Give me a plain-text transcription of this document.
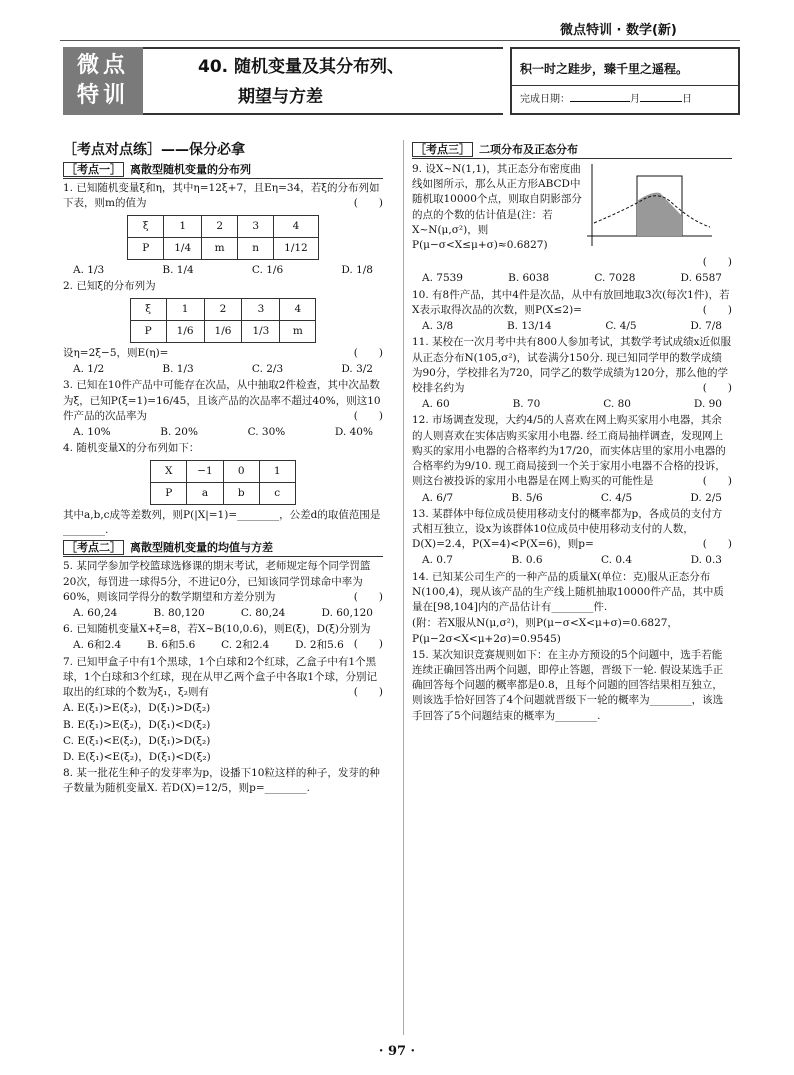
微点特训 · 数学(新)
微点
特训
40. 随机变量及其分布列、
期望与方差
积一时之跬步，臻千里之遥程。
完成日期：	月	日
［考点对点练］——保分必拿
［考点一］ 离散型随机变量的分布列
1. 已知随机变量ξ和η，其中η=12ξ+7，且Eη=34，若ξ的分布列如下表，则m的值为	(　　)
ξ	1	2	3	4
P	1/4	m	n	1/12
A. 1/3	B. 1/4	C. 1/6	D. 1/8
2. 已知ξ的分布列为
ξ	1	2	3	4
P	1/6	1/6	1/3	m
设η=2ξ−5，则E(η)=	(　　)
A. 1/2	B. 1/3	C. 2/3	D. 3/2
3. 已知在10件产品中可能存在次品，从中抽取2件检查，其中次品数为ξ，已知P(ξ=1)=16/45，且该产品的次品率不超过40%，则这10件产品的次品率为	(　　)
A. 10%	B. 20%	C. 30%	D. 40%
4. 随机变量X的分布列如下：
X	−1	0	1
P	a	b	c
其中a,b,c成等差数列，则P(|X|=1)=________，公差d的取值范围是________.
［考点二］ 离散型随机变量的均值与方差
5. 某同学参加学校篮球选修课的期末考试，老师规定每个同学罚篮20次，每罚进一球得5分，不进记0分，已知该同学罚球命中率为60%，则该同学得分的数学期望和方差分别为	(　　)
A. 60,24	B. 80,120	C. 80,24	D. 60,120
6. 已知随机变量X+ξ=8，若X~B(10,0.6)，则E(ξ)，D(ξ)分别为
(　　)
A. 6和2.4 B. 6和5.6 C. 2和2.4 D. 2和5.6
7. 已知甲盒子中有1个黑球，1个白球和2个红球，乙盒子中有1个黑球，1个白球和3个红球，现在从甲乙两个盒子中各取1个球，分别记取出的红球的个数为ξ₁，ξ₂则有	(　　)
A. E(ξ₁)>E(ξ₂)，D(ξ₁)>D(ξ₂)
B. E(ξ₁)>E(ξ₂)，D(ξ₁)<D(ξ₂)
C. E(ξ₁)<E(ξ₂)，D(ξ₁)>D(ξ₂)
D. E(ξ₁)<E(ξ₂)，D(ξ₁)<D(ξ₂)
8. 某一批花生种子的发芽率为p，设播下10粒这样的种子，发芽的种子数量为随机变量X. 若D(X)=12/5，则p=________.
［考点三］ 二项分布及正态分布
9. 设X~N(1,1)，其正态分布密度曲线如图所示，那么从正方形ABCD中随机取10000个点，则取自阴影部分的点的个数的估计值是(注：若X~N(μ,σ²)，则P(μ−σ<X≤μ+σ)≈0.6827)
(　　)

A. 7539	B. 6038	C. 7028	D. 6587
10. 有8件产品，其中4件是次品，从中有放回地取3次(每次1件)，若X表示取得次品的次数，则P(X≤2)=	(　　)
A. 3/8	B. 13/14	C. 4/5	D. 7/8
11. 某校在一次月考中共有800人参加考试，其数学考试成绩x近似服从正态分布N(105,σ²)，试卷满分150分. 现已知同学甲的数学成绩为90分，学校排名为720，同学乙的数学成绩为120分，那么他的学校排名约为	(　　)
A. 60	B. 70	C. 80	D. 90
12. 市场调查发现，大约4/5的人喜欢在网上购买家用小电器，其余的人则喜欢在实体店购买家用小电器. 经工商局抽样调查，发现网上购买的家用小电器的合格率约为17/20，而实体店里的家用小电器的合格率约为9/10. 现工商局接到一个关于家用小电器不合格的投诉，则这台被投诉的家用小电器是在网上购买的可能性是	(　　)
A. 6/7	B. 5/6	C. 4/5	D. 2/5
13. 某群体中每位成员使用移动支付的概率都为p，各成员的支付方式相互独立，设x为该群体10位成员中使用移动支付的人数，D(X)=2.4，P(X=4)<P(X=6)，则p=	(　　)
A. 0.7	B. 0.6	C. 0.4	D. 0.3
14. 已知某公司生产的一种产品的质量X(单位：克)服从正态分布N(100,4)，现从该产品的生产线上随机抽取10000件产品，其中质量在[98,104]内的产品估计有________件.
(附：若X服从N(μ,σ²)，则P(μ−σ<X<μ+σ)=0.6827，P(μ−2σ<X<μ+2σ)=0.9545)
15. 某次知识竞赛规则如下：在主办方预设的5个问题中，选手若能连续正确回答出两个问题，即停止答题，晋级下一轮. 假设某选手正确回答每个问题的概率都是0.8，且每个问题的回答结果相互独立，则该选手恰好回答了4个问题就晋级下一轮的概率为________，该选手回答了5个问题结束的概率为________.
· 97 ·
